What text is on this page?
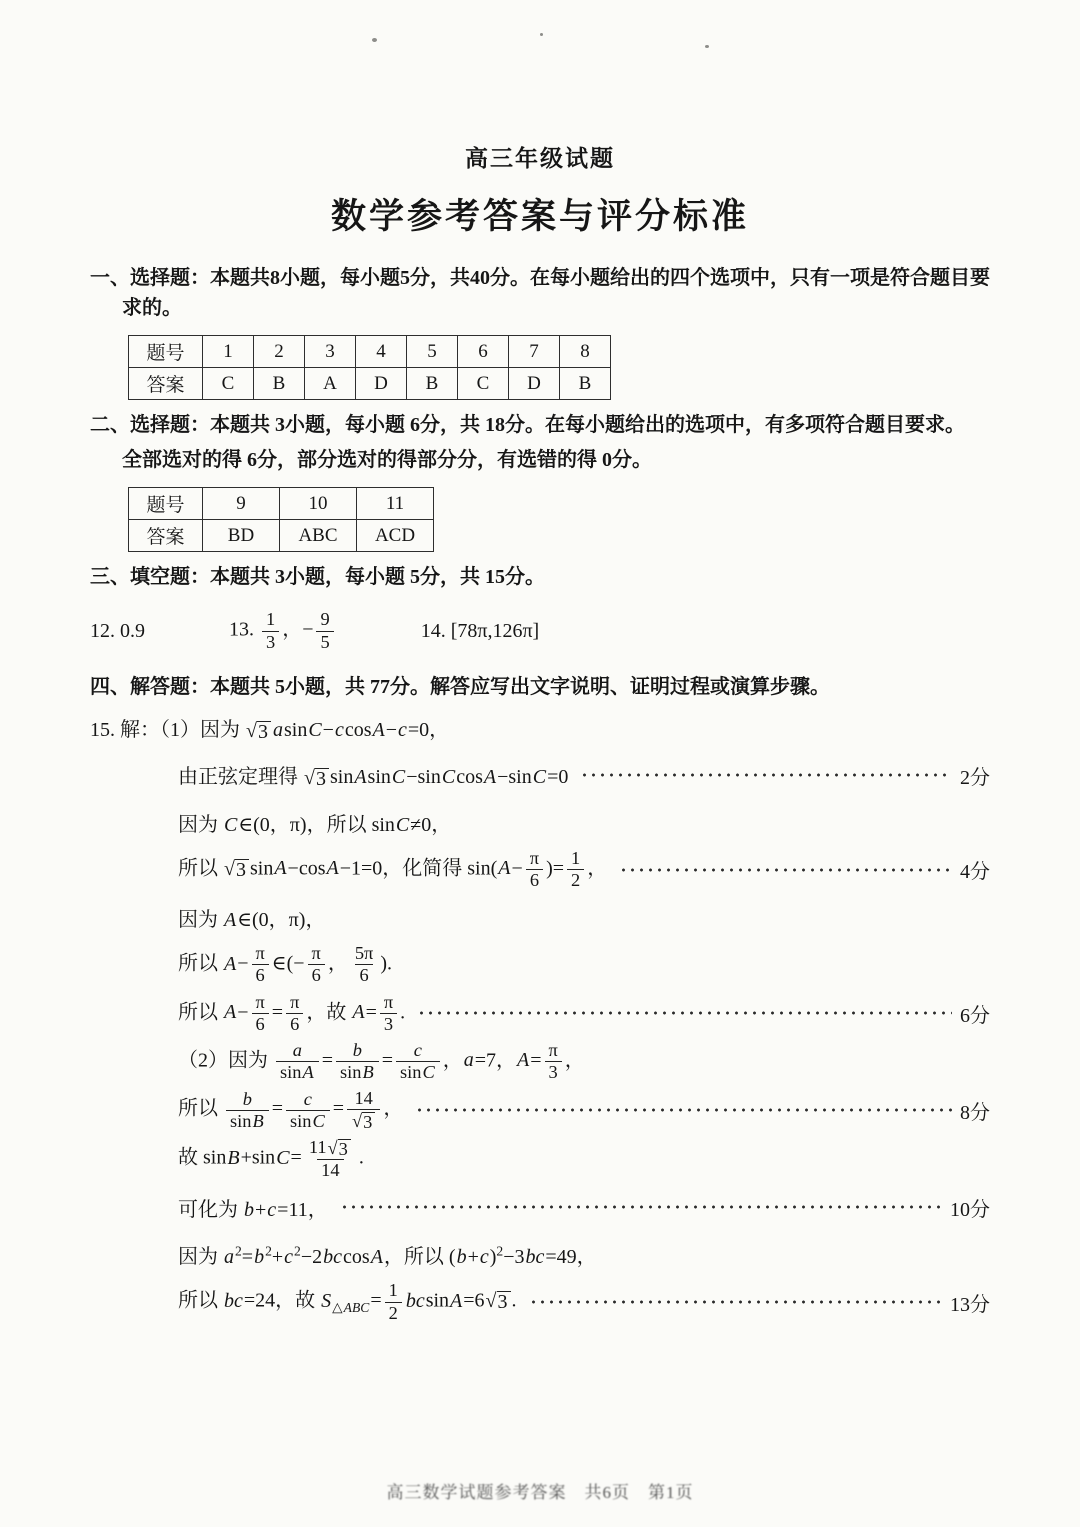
高三年级试题
数学参考答案与评分标准

一、选择题：本题共8小题，每小题5分，共40分。在每小题给出的四个选项中，只有一项是符合题目要求的。

题号	1	2	3	4	5	6	7	8
答案	C	B	A	D	B	C	D	B

二、选择题：本题共 3小题，每小题 6分，共 18分。在每小题给出的选项中，有多项符合题目要求。

全部选对的得 6分，部分选对的得部分分，有选错的得 0分。

题号	9	10	11
答案	BD	ABC	ACD

三、填空题：本题共 3小题，每小题 5分，共 15分。

12. 0.9	13. $\frac{1}{3}$ ，− $\frac{9}{5}$	14. [78π,126π]

四、解答题：本题共 5小题，共 77分。解答应写出文字说明、证明过程或演算步骤。

15. 解：（1）因为 √ 3 asinC−ccosA−c=0，
由正弦定理得 √ 3 sinAsinC−sinCcosA−sinC=0	2分
因为 C∈(0，π)，所以 sinC≠0，
所以 √ 3 sinA−cosA−1=0，化简得 $\sin(A- \frac{\pi}{6}$ )= $\frac{1}{2}$ ，	4分
因为 A∈(0，π)，
所以 $A- \frac{\pi}{6}$ ∈(− $\frac{\pi}{6}$ ， $\frac{5\pi}{6}$ ).
所以 $A- \frac{\pi}{6} = \frac{\pi}{6}$ ，故 $A= \frac{\pi}{3}$ .	6分
（2）因为 $\frac{a}{\sin A} = \frac{b}{\sin B} = \frac{c}{\sin C}$ ，a=7，$A= \frac{\pi}{3}$ ，
所以 $\frac{b}{\sin B} = \frac{c}{\sin C} = \frac{14}{√ 3}$ ，	8分
故 $\sin B+\sin C= \frac{11 √ 3}{14}$ .
可化为 b+c=11，	10分
因为 $a^2=b^2+c^2-2bccosA$，所以 $(b+c)^2-3bc=49$，
所以 bc=24，故 $S_{\triangle ABC}= \frac{1}{2} bcsinA=6$ √ 3 .	13分
高三数学试题参考答案　共6页　第1页
